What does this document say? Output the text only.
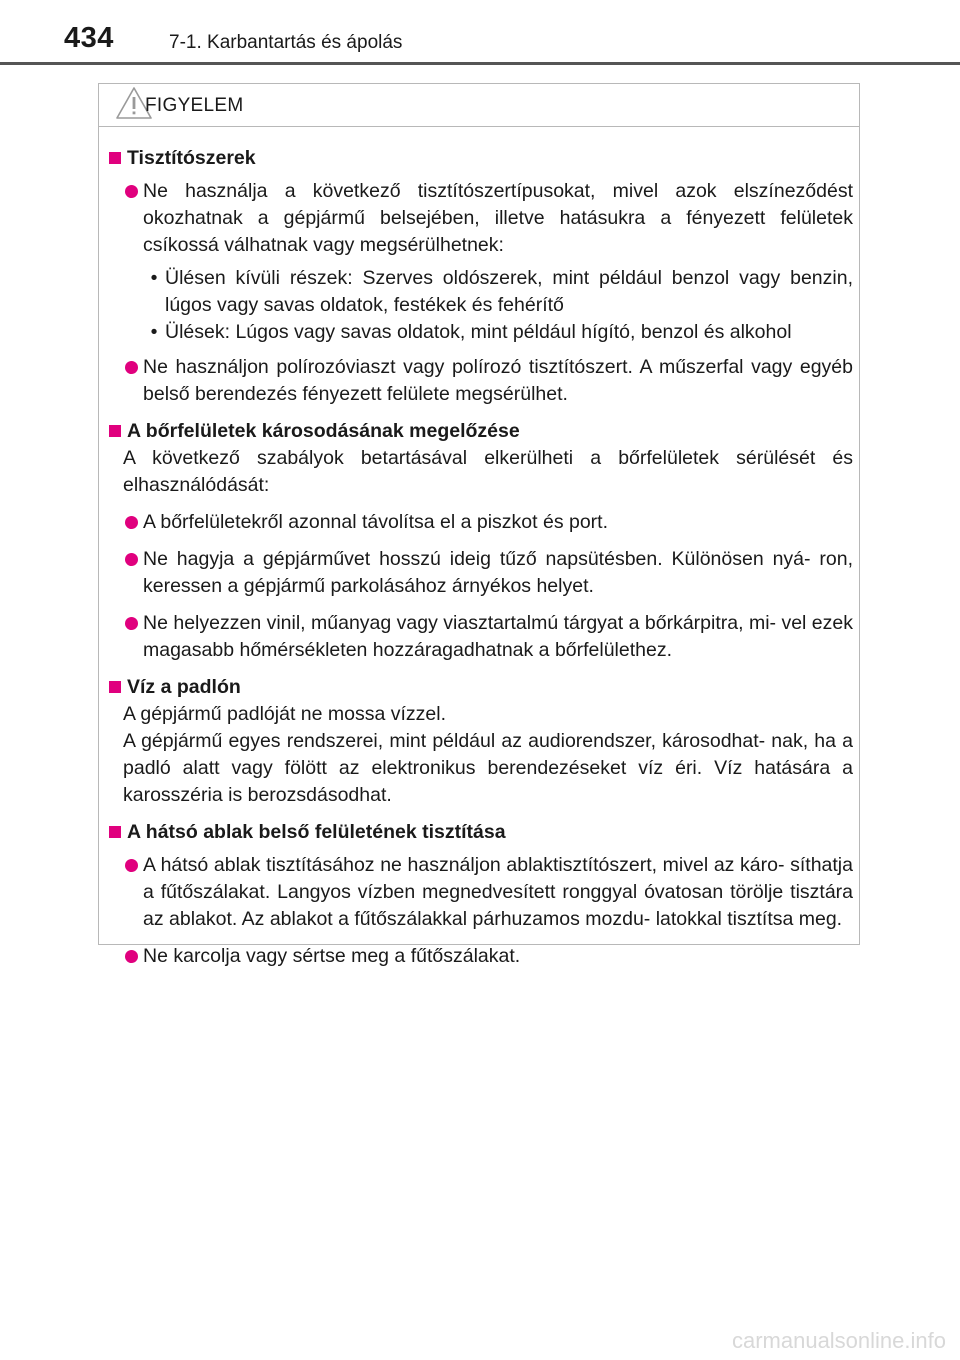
434	7-1. Karbantartás és ápolás
FIGYELEM
Tisztítószerek
Ne használja a következő tisztítószertípusokat, mivel azok elszíneződést okozhatnak a gépjármű belsejében, illetve hatásukra a fényezett felületek csíkossá válhatnak vagy megsérülhetnek:
• Ülésen kívüli részek: Szerves oldószerek, mint például benzol vagy benzin, lúgos vagy savas oldatok, festékek és fehérítő
• Ülések: Lúgos vagy savas oldatok, mint például hígító, benzol és alkohol
Ne használjon polírozóviaszt vagy polírozó tisztítószert. A műszerfal vagy egyéb belső berendezés fényezett felülete megsérülhet.
A bőrfelületek károsodásának megelőzése
A következő szabályok betartásával elkerülheti a bőrfelületek sérülését és elhasználódását:
A bőrfelületekről azonnal távolítsa el a piszkot és port.
Ne hagyja a gépjárművet hosszú ideig tűző napsütésben. Különösen nyá- ron, keressen a gépjármű parkolásához árnyékos helyet.
Ne helyezzen vinil, műanyag vagy viasztartalmú tárgyat a bőrkárpitra, mi- vel ezek magasabb hőmérsékleten hozzáragadhatnak a bőrfelülethez.
Víz a padlón
A gépjármű padlóját ne mossa vízzel.
A gépjármű egyes rendszerei, mint például az audiorendszer, károsodhat- nak, ha a padló alatt vagy fölött az elektronikus berendezéseket víz éri. Víz hatására a karosszéria is berozsdásodhat.
A hátsó ablak belső felületének tisztítása
A hátsó ablak tisztításához ne használjon ablaktisztítószert, mivel az káro- síthatja a fűtőszálakat. Langyos vízben megnedvesített ronggyal óvatosan törölje tisztára az ablakot. Az ablakot a fűtőszálakkal párhuzamos mozdu- latokkal tisztítsa meg.
Ne karcolja vagy sértse meg a fűtőszálakat.
carmanualsonline.info
